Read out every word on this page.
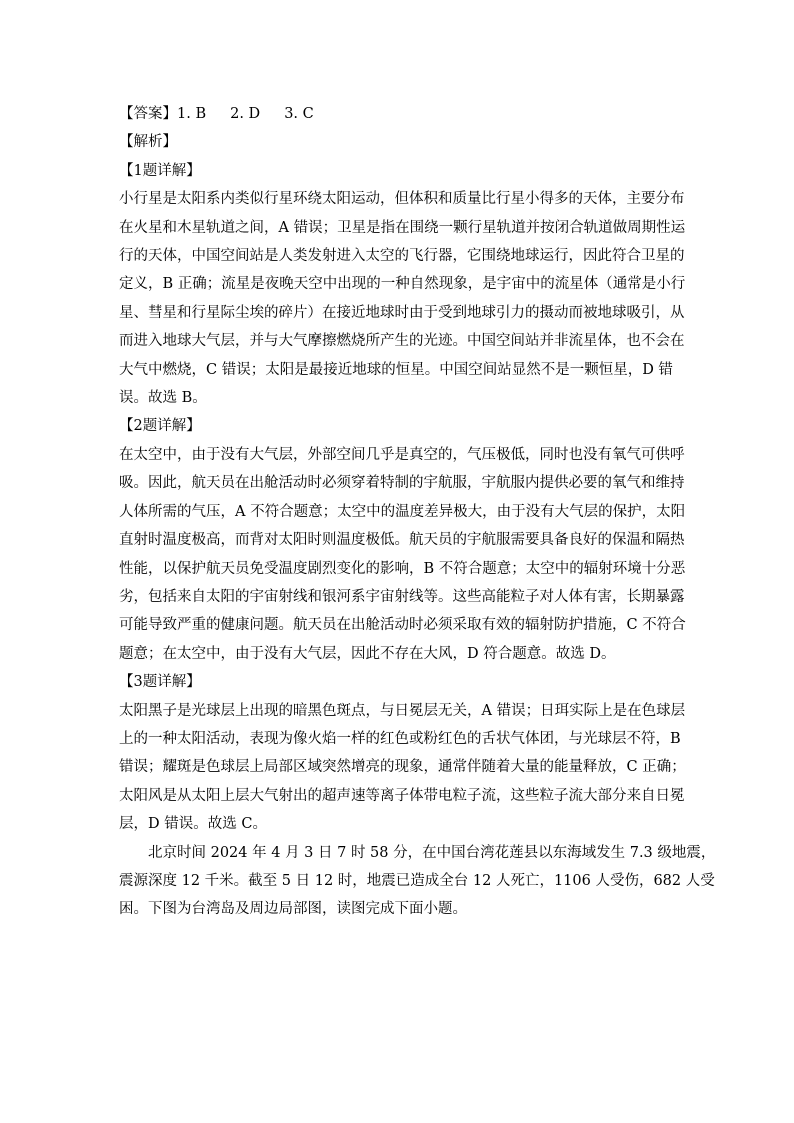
【答案】1. B 2. D 3. C

【解析】

【1题详解】

小行星是太阳系内类似行星环绕太阳运动，但体积和质量比行星小得多的天体，主要分布

在火星和木星轨道之间，A 错误；卫星是指在围绕一颗行星轨道并按闭合轨道做周期性运

行的天体，中国空间站是人类发射进入太空的飞行器，它围绕地球运行，因此符合卫星的

定义，B 正确；流星是夜晚天空中出现的一种自然现象，是宇宙中的流星体（通常是小行

星、彗星和行星际尘埃的碎片）在接近地球时由于受到地球引力的摄动而被地球吸引，从

而进入地球大气层，并与大气摩擦燃烧所产生的光迹。中国空间站并非流星体，也不会在

大气中燃烧，C 错误；太阳是最接近地球的恒星。中国空间站显然不是一颗恒星，D 错

误。故选 B。

【2题详解】

在太空中，由于没有大气层，外部空间几乎是真空的，气压极低，同时也没有氧气可供呼

吸。因此，航天员在出舱活动时必须穿着特制的宇航服，宇航服内提供必要的氧气和维持

人体所需的气压，A 不符合题意；太空中的温度差异极大，由于没有大气层的保护，太阳

直射时温度极高，而背对太阳时则温度极低。航天员的宇航服需要具备良好的保温和隔热

性能，以保护航天员免受温度剧烈变化的影响，B 不符合题意；太空中的辐射环境十分恶

劣，包括来自太阳的宇宙射线和银河系宇宙射线等。这些高能粒子对人体有害，长期暴露

可能导致严重的健康问题。航天员在出舱活动时必须采取有效的辐射防护措施，C 不符合

题意；在太空中，由于没有大气层，因此不存在大风，D 符合题意。故选 D。

【3题详解】

太阳黑子是光球层上出现的暗黑色斑点，与日冕层无关，A 错误；日珥实际上是在色球层

上的一种太阳活动，表现为像火焰一样的红色或粉红色的舌状气体团，与光球层不符，B

错误；耀斑是色球层上局部区域突然增亮的现象，通常伴随着大量的能量释放，C 正确；

太阳风是从太阳上层大气射出的超声速等离子体带电粒子流，这些粒子流大部分来自日冕

层，D 错误。故选 C。

北京时间 2024 年 4 月 3 日 7 时 58 分，在中国台湾花莲县以东海域发生 7.3 级地震，

震源深度 12 千米。截至 5 日 12 时，地震已造成全台 12 人死亡，1106 人受伤，682 人受

困。下图为台湾岛及周边局部图，读图完成下面小题。
